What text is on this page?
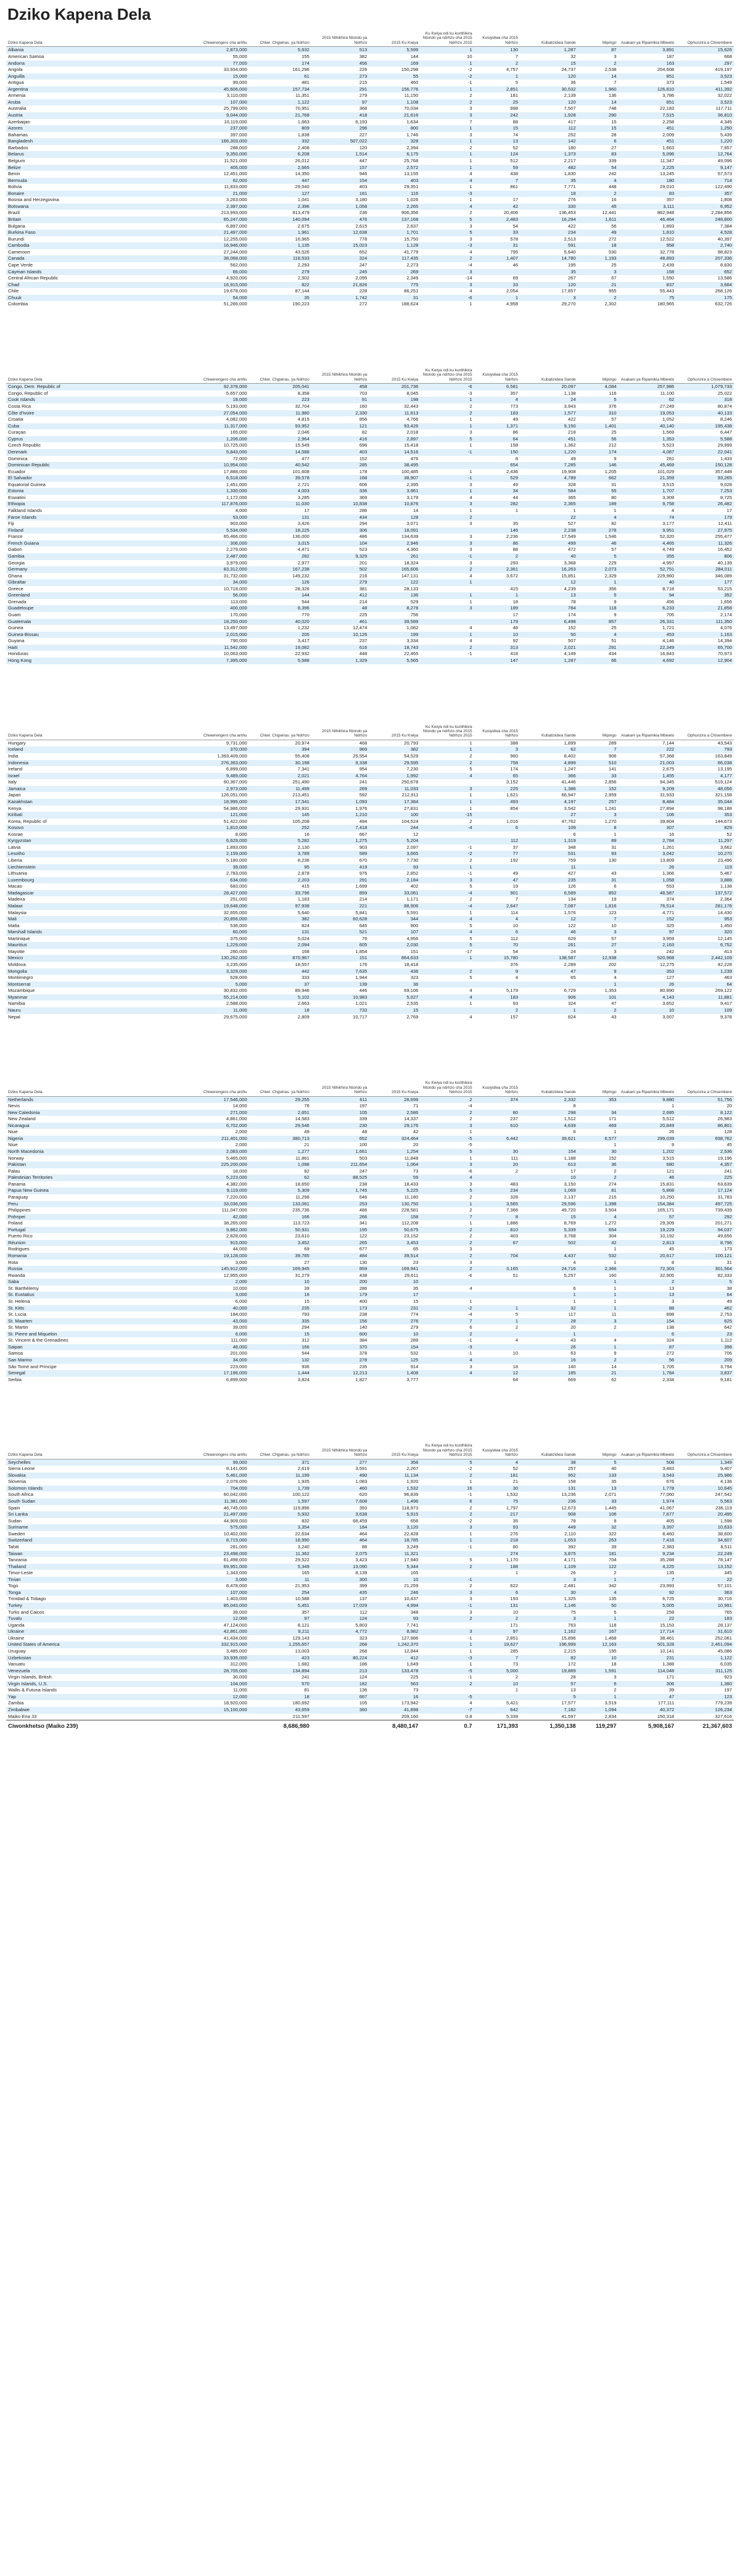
Dziko Kapena Dela
Dziko Kapena Dela	Chiwerengero cha anthu	Chiwr. Chgwiras. ya Ndrhzo	2015 Nthikhira Ntondo ya Ndrhzo	2015 Ku Kwiya	Ku Kwiya ndi ku kunthikira Ntondo ya ndrhzo cha 2015 Ndrhzo 2015	Kusiyidwa cha 2015 Ndrhzo	Kubatizidwa Sande	Mipingo	Asakani ya Ripamikia Mbwelo	Ophunzira a Chisembere
Albania	2,873,000	5,632	513	5,599	1	130	1,287	87	3,891	15,626
American Samoa	55,000	155	382	144	10	7	32	3	187	668
Andorra	77,000	174	456	169	1	2	15	2	163	297
Angola	33,934,000	161,296	226	150,298	-2	4,757	24,737	2,538	204,608	419,197
Anguilla	15,000	61	273	55	-2	1	120	14	851	3,523
Antigua	99,000	481	215	460	-1	5	36	7	373	1,549
Argentina	45,606,000	157,734	291	156,776	1	2,851	30,532	1,960	126,810	411,392
Armenia	3,110,000	11,351	279	11,150	2	181	2,139	136	3,786	32,022
Aruba	107,000	1,122	97	1,108	2	25	120	14	851	3,523
Australia	25,799,000	70,951	368	70,034	3	998	7,507	748	22,183	117,711
Austria	9,044,000	21,768	418	21,616	3	242	1,928	290	7,515	36,810
Azerbaijan	10,119,000	1,663	6,193	1,634	7	88	417	15	2,258	4,345
Azores	237,000	809	296	800	1	15	112	15	451	1,250
Bahamas	397,000	1,838	227	1,746	3	74	252	28	2,009	5,439
Bangladesh	166,303,000	332	507,022	328	1	13	142	6	451	1,220
Barbados	288,000	2,408	120	2,394	2	52	180	27	1,663	7,857
Belarus	9,350,000	6,208	1,514	6,175	1	124	1,373	83	5,096	12,764
Belgium	11,521,000	26,012	447	25,768	1	512	2,217	339	11,347	49,096
Belize	405,000	2,665	157	2,572	1	59	482	54	2,225	9,147
Benin	12,451,000	14,350	946	13,155	4	438	1,830	242	13,245	57,573
Bermuda	62,000	447	154	403	4	7	35	4	180	714
Bolivia	11,833,000	29,540	403	29,351	1	861	7,771	448	29,010	122,490
Bonaire	21,000	127	181	116	-3		18	2	83	357
Bosnia and Herzegovina	3,263,000	1,041	3,180	1,026	1	17	276	16	357	1,808
Botswana	2,397,000	2,396	1,058	2,265	4	42	330	45	3,111	6,952
Brazil	213,993,000	913,479	236	906,356	2	20,406	136,453	12,441	862,948	2,284,856
Britain	65,247,000	140,094	476	137,168	5	2,483	16,294	1,611	46,464	248,800
Bulgaria	6,897,000	2,675	2,615	2,637	3	54	422	56	1,893	7,384
Burkina Faso	21,497,000	1,961	12,638	1,701	5	33	234	49	1,810	4,528
Burundi	12,255,000	16,965	778	15,750	3	578	2,513	272	12,522	40,397
Cambodia	16,946,000	1,135	15,023	1,128	-3	31	591	18	958	2,740
Cameroon	27,244,000	43,526	652	41,779	4	795	5,640	530	32,778	98,823
Canada	38,068,000	118,533	324	117,435	2	1,407	14,780	1,193	48,893	207,336
Cape Verde	562,000	2,293	247	2,273	-4	46	195	25	2,439	8,830
Cayman Islands	66,000	279	245	269	3		35	3	158	652
Central African Republic	4,920,000	2,502	2,095	2,349	-14	69	267	67	1,550	13,586
Chad	16,915,000	822	21,826	775	3	33	120	21	837	3,684
Chile	19,678,000	87,144	228	86,251	4	2,054	17,857	955	55,443	268,126
Chuuk	54,000	35	1,742	31	-6	1	3	2	75	175
Colombia	51,266,000	190,223	272	188,624	1	4,958	29,270	2,302	180,965	632,726

Dziko Kapena Dela	Chiwerengero cha anthu	Chiwr. Chgwiras. ya Ndrhzo	2015 Nthikhira Ntondo ya Ndrhzo	2015 Ku Kwiya	Ku Kwiya ndi ku kunthikira Ntondo ya ndrhzo cha 2015 Ndrhzo 2015	Kusiyidwa cha 2015 Ndrhzo	Kubatizidwa Sande	Mipingo	Asakani ya Ripamikia Mbwelo	Ophunzira a Chisembere
Congo, Dem. Republic of	92,378,000	205,041	458	201,736	-6	6,581	20,097	4,084	257,986	1,079,733
Congo, Republic of	5,657,000	8,358	703	8,045	-3	357	1,138	116	11,100	25,022
Cook Islands	18,000	223	91	198	1	4	24	5	62	318
Costa Rica	5,193,000	32,704	160	32,443	2	773	3,943	376	27,249	80,874
Côte d'Ivoire	27,054,000	11,980	2,330	11,613	2	183	1,577	310	19,053	40,133
Croatia	4,082,000	4,815	856	4,766	1	49	422	57	1,052	8,246
Cuba	11,317,000	93,952	121	93,426	1	1,371	9,150	1,401	40,140	195,438
Curaçao	165,000	2,046	82	2,018	3	86	218	25	1,569	6,447
Cyprus	1,206,000	2,964	416	2,897	5	64	451	56	1,353	5,588
Czech Republic	10,725,000	15,549	696	15,418	1	158	1,362	212	5,523	29,999
Denmark	5,843,000	14,588	403	14,516	-1	150	1,220	174	4,087	22,041
Dominica	72,000	477	152	476		8	49	9	281	1,433
Dominican Republic	10,954,000	40,542	285	38,495		654	7,285	146	45,469	150,128
Ecuador	17,888,000	101,608	178	100,485	1	2,436	19,908	1,205	101,029	357,448
El Salvador	6,518,000	39,578	168	38,907	-1	529	4,789	662	21,359	93,265
Equatorial Guinea	1,451,000	2,721	606	2,395	3	49	328	31	3,515	9,028
Estonia	1,330,000	4,003	336	3,961	1	34	584	55	1,707	7,253
Eswatini	1,172,000	3,285	369	3,179	4	44	365	80	3,309	8,725
Ethiopia	117,876,000	11,030	10,838	10,876	3	282	2,365	189	9,758	26,482
Falkland Islands	4,000	17	286	14	1	1	1	1	4	17
Faroe Islands	53,000	131	434	128	2		22	4	74	179
Fiji	903,000	3,426	294	3,071	3	35	527	82	3,177	12,411
Finland	5,534,000	18,225	306	18,091		146	2,238	278	9,951	27,975
France	65,466,000	136,000	486	134,639	3	2,236	17,549	1,546	52,320	255,477
French Guiana	306,000	3,015	104	2,946	3	86	499	46	4,465	11,326
Gabon	2,279,000	4,471	523	4,360	3	88	472	57	4,749	16,452
Gambia	2,487,000	282	9,329	261	-1	2	40	5	355	806
Georgia	3,979,000	2,977	201	18,324	3	293	3,368	229	4,997	40,139
Germany	83,312,000	167,238	502	165,606	2	2,361	16,263	2,073	52,751	284,011
Ghana	31,732,000	149,232	216	147,131	4	3,672	15,851	2,329	229,960	346,089
Gibraltar	34,000	126	279	122	1		12	1	40	177
Greece	10,718,000	28,326	381	28,133		415	4,239	356	8,718	53,215
Greenland	56,000	144	412	136	1	1	13	5	94	352
Grenada	113,000	544	214	529	1	18	78	9	456	1,656
Guadeloupe	400,000	8,396	48	8,278	3	189	784	118	6,233	21,858
Guam	170,000	770	225	756		17	174	9	705	2,174
Guatemala	18,250,000	40,020	461	39,589		179	6,498	857	26,331	111,350
Guinea	13,497,000	1,232	12,474	1,082	4	48	152	25	1,721	4,076
Guinea-Bissau	2,015,000	205	10,126	199	1	10	50	4	453	1,163
Guyana	790,000	3,417	237	3,334	4	92	507	51	4,146	14,394
Haiti	11,542,000	19,082	616	18,743	2	313	2,021	291	22,349	65,700
Honduras	10,063,000	22,932	448	22,465	-1	418	4,149	434	16,843	70,973
Hong Kong	7,395,000	5,588	1,329	5,565		147	1,287	66	4,692	12,904

Dziko Kapena Dela	Chiwerengero cha anthu	Chiwr. Chgwiras. ya Ndrhzo	2015 Nthikhira Ntondo ya Ndrhzo	2015 Ku Kwiya	Ku Kwiya ndi ku kunthikira Ntondo ya ndrhzo cha 2015 Ndrhzo 2015	Kusiyidwa cha 2015 Ndrhzo	Kubatizidwa Sande	Mipingo	Asakani ya Ripamikia Mbwelo	Ophunzira a Chisembere
Hungary	9,731,000	20,974	468	20,793	1	388	1,899	289	7,144	43,543
Iceland	370,000	394	969	382	1	3	62	7	222	793
India	1,393,409,000	55,408	25,554	54,529	2	960	8,402	906	57,368	163,849
Indonesia	276,363,000	30,198	9,338	29,595	2	758	4,899	510	21,003	66,038
Ireland	6,899,000	7,341	954	7,230	5	174	1,247	141	2,675	13,195
Israel	9,489,000	2,021	4,764	1,992	4	65	366	33	1,455	4,177
Italy	60,367,000	251,490	241	250,678		3,152	41,446	2,856	94,345	519,124
Jamaica	2,973,000	11,499	269	11,033	3	225	1,386	152	9,209	48,056
Japan	126,051,000	213,451	592	212,911	1	1,621	66,947	2,959	31,933	321,158
Kazakhstan	18,995,000	17,541	1,093	17,384	1	493	4,197	257	8,484	35,044
Kenya	54,986,000	29,931	1,976	27,831	1	854	3,542	1,241	27,894	98,188
Kiribati	121,000	145	1,210	100	-15		27	3	106	353
Korea, Republic of	51,422,000	105,208	494	104,524	2	1,016	47,762	1,270	39,804	144,673
Kosovo	1,810,000	252	7,418	244	-4	6	109	8	307	829
Kosrae	8,000	16	667	12			6	1	16	52
Kyrgyzstan	6,629,000	5,282	1,275	5,204		112	1,319	89	2,784	11,297
Latvia	1,893,000	2,130	903	2,097	-1	37	348	31	1,261	3,662
Lesotho	2,159,000	3,789	589	3,665	-2	77	531	93	3,042	10,270
Liberia	5,180,000	8,236	670	7,730	2	192	759	130	13,809	23,496
Liechtenstein	39,000	95	419	93	1		11		26	119
Lithuania	2,783,000	2,878	976	2,852	-1	49	427	43	1,366	5,467
Luxembourg	634,000	2,203	291	2,184	3	47	235	31	1,058	3,888
Macao	683,000	415	1,699	402	5	19	126	6	553	1,138
Madagascar	28,427,000	33,796	859	33,081	-4	901	6,589	852	48,587	137,572
Madeira	251,000	1,183	214	1,171	2	7	134	19	374	2,364
Malawi	19,648,000	97,938	221	88,906	-4	2,647	7,087	1,816	76,514	281,176
Malaysia	32,655,000	5,640	5,841	5,591	1	114	1,576	123	4,771	14,430
Mali	20,856,000	382	60,628	344	4	4	12	7	152	953
Malta	536,000	824	645	800	5	10	122	10	325	1,450
Marshall Islands	60,000	131	521	107	4	6	46	3	97	320
Martinique	375,000	5,024	76	4,956	5	112	629	57	3,959	12,145
Mauritius	1,229,000	2,094	605	2,030	5	70	261	27	2,163	6,752
Mayotte	280,000	168	1,854	151	-17	54	24	3	242	413
Mexico	130,262,000	870,967	151	864,633	1	15,780	138,587	12,938	520,968	2,442,109
Moldova	3,235,000	18,557	176	18,418		376	2,289	202	12,275	42,228
Mongolia	3,329,000	442	7,635	436	2	9	47	9	353	1,239
Montenegro	628,000	333	1,944	323	5	4	65	4	127	463
Montserrat	5,000	37	139	36				1	26	64
Mozambique	30,832,000	89,946	446	69,106	4	5,179	6,729	1,353	80,890	269,122
Myanmar	55,214,000	5,102	10,983	5,027	4	183	906	101	4,143	11,881
Namibia	2,588,000	2,663	1,021	2,535	1	93	324	47	3,652	9,417
Nauru	11,000	18	733	15		2	1	2	10	109
Nepal	29,675,000	2,809	10,717	2,769	4	157	824	43	3,007	9,378

Dziko Kapena Dela	Chiwerengero cha anthu	Chiwr. Chgwiras. ya Ndrhzo	2015 Nthikhira Ntondo ya Ndrhzo	2015 Ku Kwiya	Ku Kwiya ndi ku kunthikira Ntondo ya ndrhzo cha 2015 Ndrhzo 2015	Kusiyidwa cha 2015 Ndrhzo	Kubatizidwa Sande	Mipingo	Asakani ya Ripamikia Mbwelo	Ophunzira a Chisembere
Netherlands	17,546,000	29,255	611	28,699	2	374	2,332	353	9,880	51,756
Nevis	14,000	76	197	71	-4		8		1	20
New Caledonia	271,000	2,651	105	2,586	2	80	298	34	2,685	8,122
New Zealand	4,861,000	14,583	339	14,337	2	237	1,512	171	5,512	26,983
Nicaragua	6,702,000	29,546	230	29,176	3	610	4,639	469	20,849	86,801
Niue	2,000	49	48	42	1		6	1	26	128
Nigeria	211,401,000	380,713	652	324,464	-5	6,442	39,621	6,577	299,039	698,762
Niue	2,000	21	100	20	-5			1	9	45
North Macedonia	2,083,000	1,277	1,661	1,254	5	30	154	30	1,202	2,536
Norway	5,465,000	11,861	503	11,848	1	111	1,188	152	3,515	19,196
Pakistan	225,200,000	1,098	211,654	1,064	3	20	613	36	680	4,357
Palau	18,000	82	247	73	-6	2	17	2	121	241
Palestinian Territories	5,223,000	62	88,525	59	4		10	2	46	225
Panama	4,382,000	18,650	238	18,433	3	483	3,150	274	15,831	63,639
Papua New Guinea	9,119,000	5,309	1,745	5,225	5	234	1,069	81	5,868	17,124
Paraguay	7,220,000	11,298	646	11,180	2	328	2,137	215	10,250	31,783
Peru	33,036,000	133,061	253	130,750	1	3,565	29,596	1,398	154,384	497,725
Philippines	111,047,000	235,736	486	228,581	2	7,366	49,720	3,504	165,171	739,439
Pohnpei	42,000	166	266	158	7	8	15	4	57	292
Poland	38,265,000	113,723	341	112,208	1	1,886	8,769	1,272	29,309	201,271
Portugal	9,862,000	50,931	195	50,675	2	810	5,339	654	19,229	94,037
Puerto Rico	2,828,000	23,610	122	23,152	2	403	3,768	304	10,192	49,656
Réunion	915,000	3,452	265	3,453	2	67	502	42	2,813	8,796
Rodrigues	44,000	69	677	65	3			1	45	173
Romania	19,128,000	39,785	484	39,514	2	704	4,437	532	20,617	100,121
Rota	3,000	27	130	23	3		4	1	8	31
Russia	145,912,000	169,945	859	169,941	2	3,165	24,716	2,366	72,303	301,564
Rwanda	12,955,000	31,279	438	29,611	-6	51	5,257	160	32,905	82,333
Saba	2,000	10	200	10				1	2	5
St. Barthélemy	10,000	39	286	35	4		6	1	13	38
St. Eustatius	3,000	16	179	17			1	1	13	64
St. Helena	6,000	15	400	15	1		1	1	3	49
St. Kitts	40,000	235	173	231	-2	1	32	1	88	462
St. Lucia	184,000	793	238	774	-4	5	117	11	898	2,753
St. Maarten	43,000	335	156	276	7	1	28	3	154	625
St. Martin	39,000	294	140	279	6	2	20	2	138	642
St. Pierre and Miquelon	6,000	15	600	10	2		1		6	23
St. Vincent & the Grenadines	111,000	312	384	289	-1	4	43	4	324	1,112
Saipan	48,000	166	370	154	-3		26	1	87	398
Samoa	201,000	544	378	532	-1	10	63	9	272	706
San Marino	34,000	132	278	125	4		16	2	56	209
São Tomé and Príncipe	223,000	936	235	914	3	18	140	14	1,705	3,794
Senegal	17,196,000	1,444	12,213	1,408	4	12	185	21	1,784	3,837
Serbia	6,899,000	3,824	1,827	3,777		64	669	62	2,334	9,181

Dziko Kapena Dela	Chiwerengero cha anthu	Chiwr. Chgwiras. ya Ndrhzo	2015 Nthikhira Ntondo ya Ndrhzo	2015 Ku Kwiya	Ku Kwiya ndi ku kunthikira Ntondo ya ndrhzo cha 2015 Ndrhzo 2015	Kusiyidwa cha 2015 Ndrhzo	Kubatizidwa Sande	Mipingo	Asakani ya Ripamikia Mbwelo	Ophunzira a Chisembere
Seychelles	99,000	371	277	358	5	4	38	5	508	1,349
Sierra Leone	8,141,000	2,619	3,591	2,267	-2	52	257	40	3,483	9,407
Slovakia	5,461,000	11,199	490	11,134	2	181	952	133	3,543	25,986
Slovenia	2,079,000	1,935	1,083	1,920	1	21	158	35	676	4,136
Solomon Islands	704,000	1,739	460	1,532	16	30	131	13	1,778	10,645
South Africa	60,042,000	100,122	620	96,839	-1	1,532	13,236	2,071	77,060	247,542
South Sudan	11,381,000	1,597	7,608	1,496	6	75	236	33	1,974	5,563
Spain	46,745,000	119,896	393	118,973	2	1,797	12,673	1,445	41,067	236,119
Sri Lanka	21,497,000	5,932	3,638	5,915	2	217	908	106	7,677	20,495
Sudan	44,909,000	832	68,459	656	-2	35	78	8	405	1,598
Suriname	575,000	3,354	184	3,120	3	93	449	32	3,397	10,633
Sweden	10,402,000	22,634	464	22,428	1	276	2,110	322	8,460	38,600
Switzerland	8,715,000	18,990	464	18,785	1	218	1,653	263	7,416	34,607
Tahiti	281,000	3,240	86	3,249	-1	80	392	39	2,383	8,511
Taiwan	23,498,000	11,362	2,075	11,321		274	3,875	181	9,234	22,249
Tanzania	61,498,000	29,522	3,423	17,940	5	1,170	4,171	704	35,288	78,147
Thailand	69,951,000	5,349	13,090	5,344	2	188	1,109	122	4,225	13,152
Timor-Leste	1,343,000	165	8,139	165		1	26	2	135	345
Tinian	3,000	11	300	10	-1		3	1	7	22
Togo	8,478,000	21,953	399	21,259	2	622	2,481	342	23,993	57,101
Tonga	107,000	254	435	246	3	6	30	4	92	363
Trinidad & Tobago	1,403,000	10,588	137	10,437	3	193	1,325	135	6,725	30,716
Turkey	85,043,000	5,451	17,029	4,994	-1	131	1,146	50	5,005	10,991
Turks and Caicos	39,000	357	112	348	3	10	75	5	259	765
Tuvalu	12,000	97	124	93	2	2	3	1	22	183
Uganda	47,124,000	8,121	5,803	7,741		171	763	118	15,153	28,137
Ukraine	42,861,000	9,211	4,772	8,982	3	97	1,162	167	17,714	31,610
Ukraine	41,434,000	129,143	323	127,986	-1	2,851	15,896	1,468	38,461	252,061
United States of America	332,915,000	1,255,657	268	1,242,370	1	19,627	196,999	12,163	501,328	2,461,094
Uruguay	3,485,000	13,003	268	12,844	1	285	2,215	195	10,141	45,086
Uzbekistan	33,935,000	423	80,224	412	-3	7	82	10	231	1,122
Vanuatu	312,000	1,682	186	1,649	1	73	172	18	1,388	6,035
Venezuela	28,705,000	134,894	213	133,478	-5	5,000	19,889	1,591	114,048	311,125
Virgin Islands, British	30,000	241	124	225	-1	2	28	3	171	923
Virgin Islands, U.S.	104,000	570	182	563	2	10	57	6	306	1,380
Wallis & Futuna Islands	11,000	81	136	73		1	13	2	39	197
Yap	12,000	18	667	16	-5		5	1	47	123
Zambia	18,920,000	180,692	105	173,942	4	5,421	17,577	3,519	177,111	779,239
Zimbabwe	15,100,000	43,659	360	41,898	-7	642	7,182	1,094	40,372	126,234
Maiko Ena 33		211,597		209,160	0.8	5,339	41,597	2,834	150,318	327,616
Ciwonkhetso (Maiko 239)		8,686,980		8,480,147	0.7	171,393	1,350,138	119,297	5,908,167	21,367,603
